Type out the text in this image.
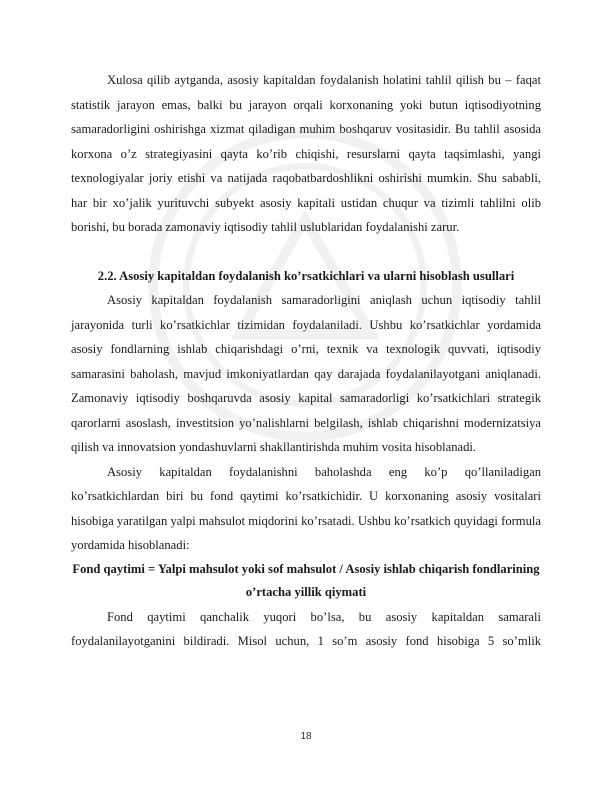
Xulosa qilib aytganda, asosiy kapitaldan foydalanish holatini tahlil qilish bu – faqat statistik jarayon emas, balki bu jarayon orqali korxonaning yoki butun iqtisodiyotning samaradorligini oshirishga xizmat qiladigan muhim boshqaruv vositasidir. Bu tahlil asosida korxona o’z strategiyasini qayta ko’rib chiqishi, resurslarni qayta taqsimlashi, yangi texnologiyalar joriy etishi va natijada raqobatbardoshlikni oshirishi mumkin. Shu sababli, har bir xo’jalik yurituvchi subyekt asosiy kapitali ustidan chuqur va tizimli tahlilni olib borishi, bu borada zamonaviy iqtisodiy tahlil uslublaridan foydalanishi zarur.

2.2. Asosiy kapitaldan foydalanish ko’rsatkichlari va ularni hisoblash usullari

Asosiy kapitaldan foydalanish samaradorligini aniqlash uchun iqtisodiy tahlil jarayonida turli ko’rsatkichlar tizimidan foydalaniladi. Ushbu ko’rsatkichlar yordamida asosiy fondlarning ishlab chiqarishdagi o’rni, texnik va texnologik quvvati, iqtisodiy samarasini baholash, mavjud imkoniyatlardan qay darajada foydalanilayotgani aniqlanadi. Zamonaviy iqtisodiy boshqaruvda asosiy kapital samaradorligi ko’rsatkichlari strategik qarorlarni asoslash, investitsion yo’nalishlarni belgilash, ishlab chiqarishni modernizatsiya qilish va innovatsion yondashuvlarni shakllantirishda muhim vosita hisoblanadi.

Asosiy kapitaldan foydalanishni baholashda eng ko’p qo’llaniladigan ko’rsatkichlardan biri bu fond qaytimi ko’rsatkichidir. U korxonaning asosiy vositalari hisobiga yaratilgan yalpi mahsulot miqdorini ko’rsatadi. Ushbu ko’rsatkich quyidagi formula yordamida hisoblanadi:

Fond qaytimi = Yalpi mahsulot yoki sof mahsulot / Asosiy ishlab chiqarish fondlarining o’rtacha yillik qiymati

Fond qaytimi qanchalik yuqori bo’lsa, bu asosiy kapitaldan samarali foydalanilayotganini bildiradi. Misol uchun, 1 so’m asosiy fond hisobiga 5 so’mlik

18
